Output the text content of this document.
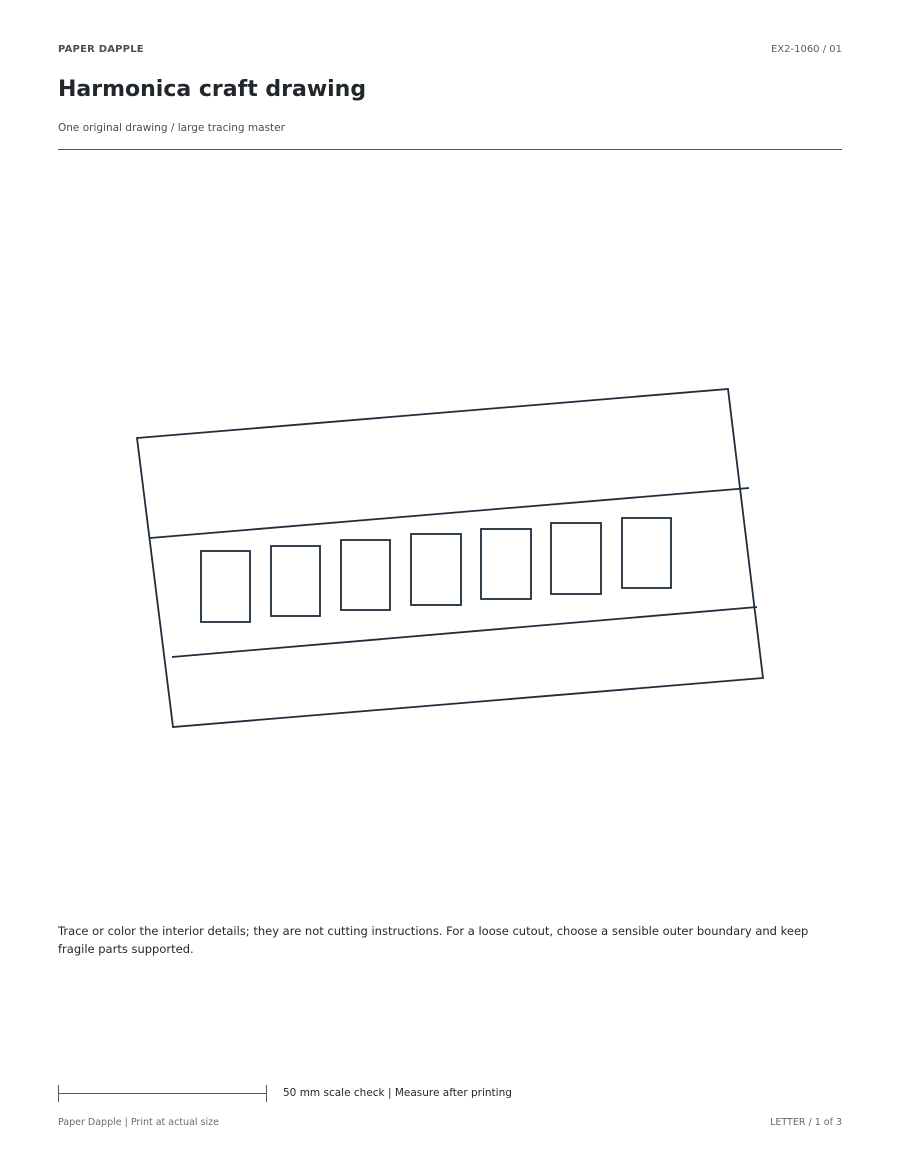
PAPER DAPPLE	EX2-1060 / 01
Harmonica craft drawing
One original drawing / large tracing master
Trace or color the interior details; they are not cutting instructions. For a loose cutout, choose a sensible outer boundary and keep fragile parts supported.
50 mm scale check | Measure after printing
Paper Dapple | Print at actual size	LETTER / 1 of 3
